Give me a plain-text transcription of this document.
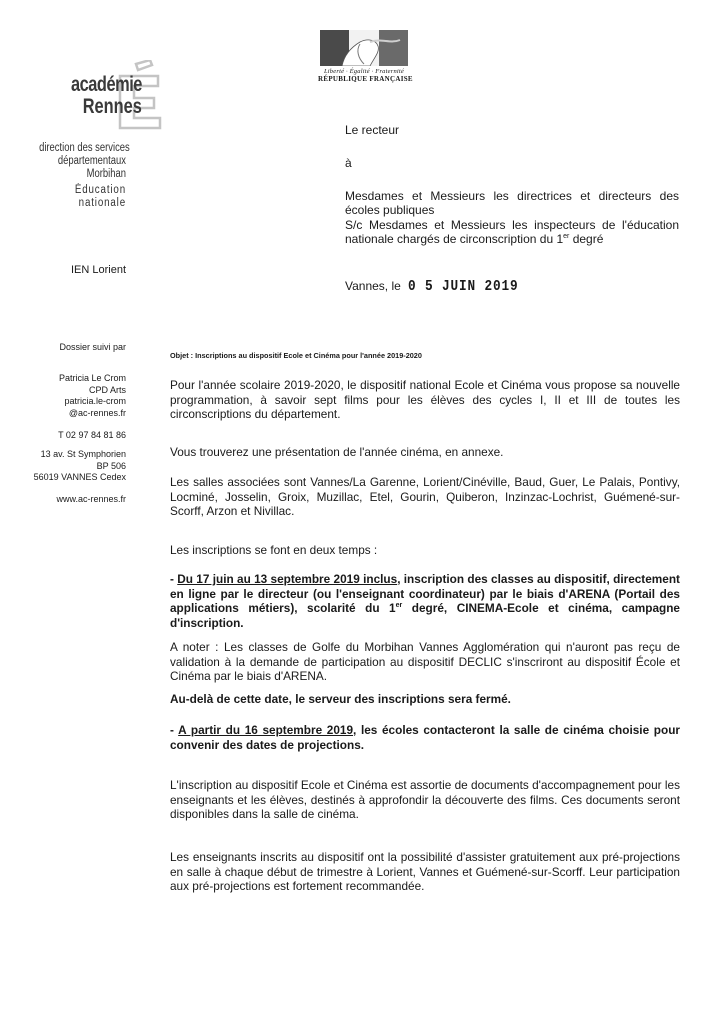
Liberté · Égalité · Fraternité
RÉPUBLIQUE FRANÇAISE
académie
Rennes
direction des services
départementaux
Morbihan
Éducation
nationale
IEN Lorient
Le recteur
à

Mesdames et Messieurs les directrices et directeurs des écoles publiques

S/c Mesdames et Messieurs les inspecteurs de l'éducation nationale chargés de circonscription du 1er degré

Vannes, le 0 5 JUIN 2019
Dossier suivi par
Patricia Le Crom
CPD Arts
patricia.le-crom
@ac-rennes.fr
T 02 97 84 81 86
13 av. St Symphorien
BP 506
56019 VANNES Cedex
www.ac-rennes.fr
Objet : Inscriptions au dispositif Ecole et Cinéma pour l'année 2019-2020

Pour l'année scolaire 2019-2020, le dispositif national Ecole et Cinéma vous propose sa nouvelle programmation, à savoir sept films pour les élèves des cycles I, II et III de toutes les circonscriptions du département.

Vous trouverez une présentation de l'année cinéma, en annexe.

Les salles associées sont Vannes/La Garenne, Lorient/Cinéville, Baud, Guer, Le Palais, Pontivy, Locminé, Josselin, Groix, Muzillac, Etel, Gourin, Quiberon, Inzinzac-Lochrist, Guémené-sur-Scorff, Arzon et Nivillac.

Les inscriptions se font en deux temps :

- Du 17 juin au 13 septembre 2019 inclus, inscription des classes au dispositif, directement en ligne par le directeur (ou l'enseignant coordinateur) par le biais d'ARENA (Portail des applications métiers), scolarité du 1er degré, CINEMA-Ecole et cinéma, campagne d'inscription.

A noter : Les classes de Golfe du Morbihan Vannes Agglomération qui n'auront pas reçu de validation à la demande de participation au dispositif DECLIC s'inscriront au dispositif École et Cinéma par le biais d'ARENA.

Au-delà de cette date, le serveur des inscriptions sera fermé.

- A partir du 16 septembre 2019, les écoles contacteront la salle de cinéma choisie pour convenir des dates de projections.

L'inscription au dispositif Ecole et Cinéma est assortie de documents d'accompagnement pour les enseignants et les élèves, destinés à approfondir la découverte des films. Ces documents seront disponibles dans la salle de cinéma.

Les enseignants inscrits au dispositif ont la possibilité d'assister gratuitement aux pré-projections en salle à chaque début de trimestre à Lorient, Vannes et Guémené-sur-Scorff. Leur participation aux pré-projections est fortement recommandée.
